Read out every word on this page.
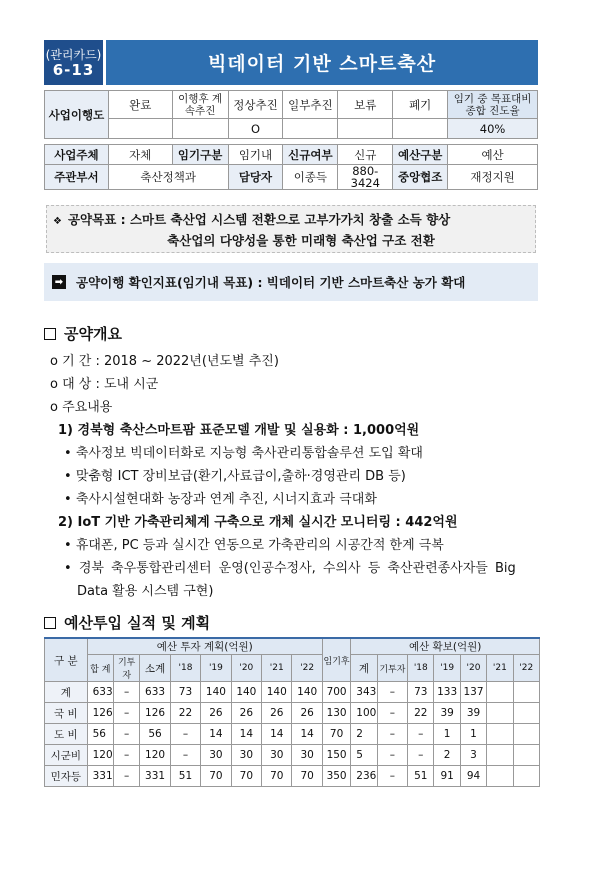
(관리카드)
6-13	빅데이터 기반 스마트축산
사업이행도	완료	이행후 계속추진	정상추진	일부추진	보류	폐기	임기 중 목표대비 종합 진도율
			O				40%

사업주체	자체	임기구분	임기내	신규여부	신규	예산구분	예산
주관부서	축산정책과		담당자	이종득	880-3424	중앙협조	재정지원
❖ 공약목표 : 스마트 축산업 시스템 전환으로 고부가가치 창출 소득 향상
축산업의 다양성을 통한 미래형 축산업 구조 전환
➡ 공약이행 확인지표(임기내 목표) : 빅데이터 기반 스마트축산 농가 확대
공약개요
o 기 간 : 2018 ~ 2022년(년도별 추진)
o 대 상 : 도내 시군
o 주요내용
1) 경북형 축산스마트팜 표준모델 개발 및 실용화 : 1,000억원
• 축사정보 빅데이터화로 지능형 축사관리통합솔루션 도입 확대
• 맞춤형 ICT 장비보급(환기,사료급이,출하·경영관리 DB 등)
• 축사시설현대화 농장과 연계 추진, 시너지효과 극대화
2) IoT 기반 가축관리체계 구축으로 개체 실시간 모니터링 : 442억원
• 휴대폰, PC 등과 실시간 연동으로 가축관리의 시공간적 한계 극복
• 경북 축우통합관리센터 운영(인공수정사, 수의사 등 축산관련종사자들 Big
Data 활용 시스템 구현)
예산투입 실적 및 계획
구 분	예산 투자 계획(억원)								임기후	예산 확보(억원)						
	합 계	기투자	소계	'18	'19	'20	'21	'22		계	기투자	'18	'19	'20	'21	'22
계	633	–	633	73	140	140	140	140	700	343	–	73	133	137		
국 비	126	–	126	22	26	26	26	26	130	100	–	22	39	39		
도 비	56	–	56	–	14	14	14	14	70	2	–	–	1	1		
시군비	120	–	120	–	30	30	30	30	150	5	–	–	2	3		
민자등	331	–	331	51	70	70	70	70	350	236	–	51	91	94		
